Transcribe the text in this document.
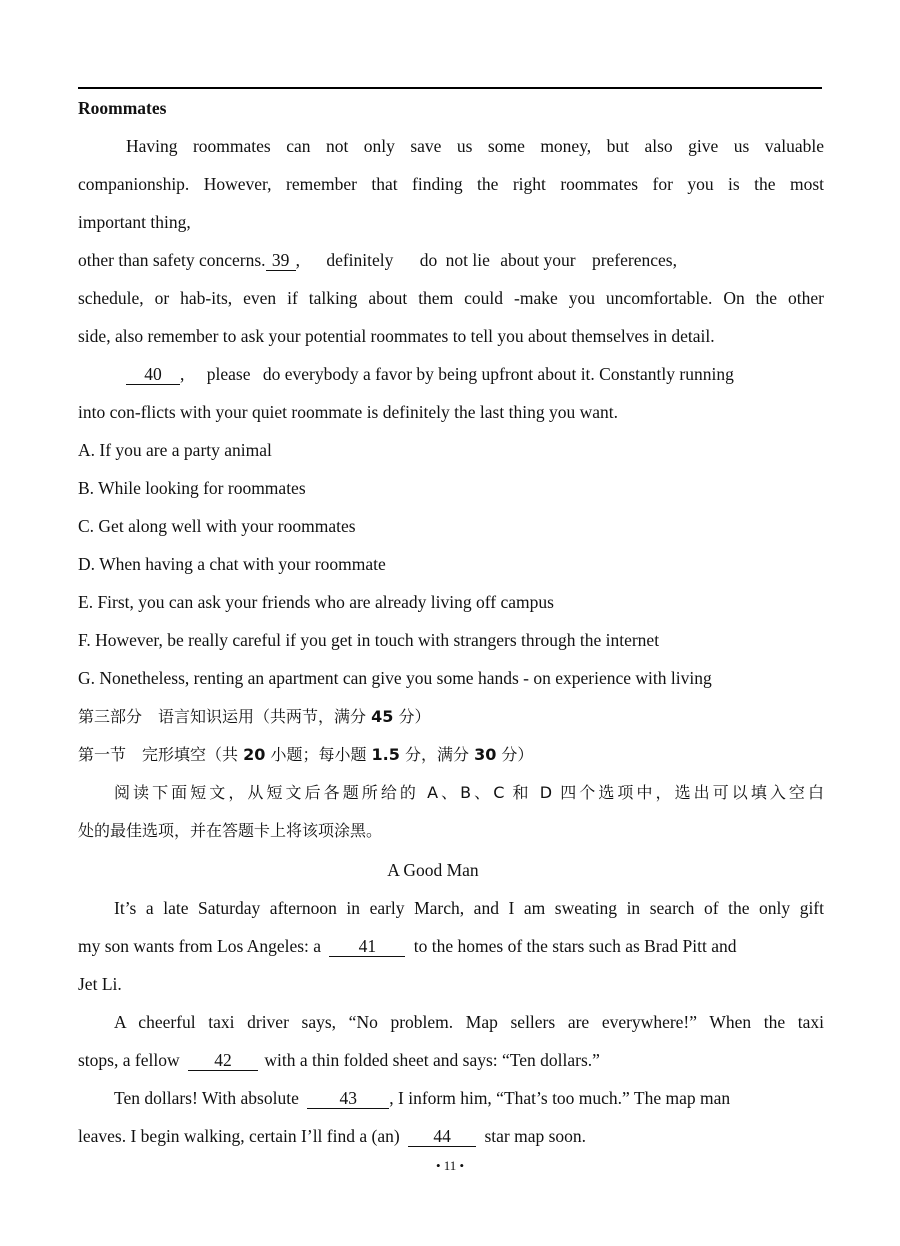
Roommates
Having roommates can not only save us some money, but also give us valuable
companionship. However, remember that finding the right roommates for you is the most
important thing,
other than safety concerns. 39 , definitely do not lie about your preferences,
schedule, or hab-its, even if talking about them could -make you uncomfortable. On the other
side, also remember to ask your potential roommates to tell you about themselves in detail.
40 , please do everybody a favor by being upfront about it. Constantly running
into con-flicts with your quiet roommate is definitely the last thing you want.
A. If you are a party animal
B. While looking for roommates
C. Get along well with your roommates
D. When having a chat with your roommate
E. First, you can ask your friends who are already living off campus
F. However, be really careful if you get in touch with strangers through the internet
G. Nonetheless, renting an apartment can give you some hands - on experience with living
第三部分　语言知识运用（共两节，满分 45 分）
第一节　完形填空（共 20 小题；每小题 1.5 分，满分 30 分）
阅读下面短文，从短文后各题所给的 A、B、C 和 D 四个选项中，选出可以填入空白
处的最佳选项，并在答题卡上将该项涂黑。
A Good Man
It’s a late Saturday afternoon in early March, and I am sweating in search of the only gift
my son wants from Los Angeles: a 41 to the homes of the stars such as Brad Pitt and
Jet Li.
A cheerful taxi driver says, “No problem. Map sellers are everywhere!” When the taxi
stops, a fellow 42 with a thin folded sheet and says: “Ten dollars.”
Ten dollars! With absolute 43 , I inform him, “That’s too much.” The map man
leaves. I begin walking, certain I’ll find a (an) 44 star map soon.
• 11 •
